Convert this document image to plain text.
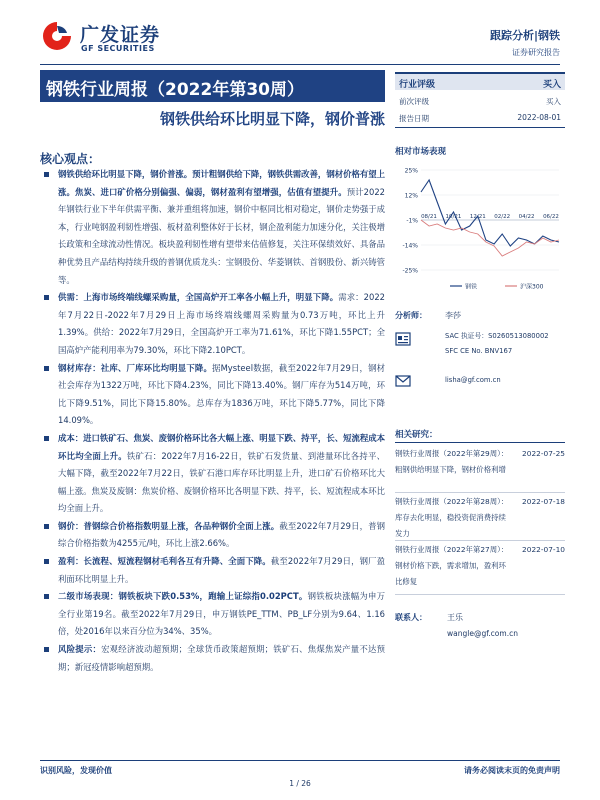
广发证券
GF SECURITIES
跟踪分析|钢铁
证券研究报告
钢铁行业周报（2022年第30周）
钢铁供给环比明显下降，钢价普涨
核心观点：
钢铁供给环比明显下降，钢价普涨。预计粗钢供给下降，钢铁供需改善，钢材价格有望上涨。焦炭、进口矿价格分别偏强、偏弱，钢材盈利有望增强，估值有望提升。预计2022年钢铁行业下半年供需平衡、兼并重组将加速，钢价中枢同比相对稳定，钢价走势强于成本，行业吨钢盈利韧性增强、板材盈利整体好于长材，钢企盈利能力加速分化，关注极增长政策和全球流动性情况。板块盈利韧性增有望带来估值修复，关注环保绩效好、具备品种优势且产品结构持续升级的普钢优质龙头：宝钢股份、华菱钢铁、首钢股份、新兴铸管等。
供需：上海市场终端线螺采购量，全国高炉开工率各小幅上升，明显下降。需求：2022年7月22日-2022年7月29日上海市场终端线螺周采购量为0.73万吨，环比上升1.39%。供给：2022年7月29日，全国高炉开工率为71.61%，环比下降1.55PCT；全国高炉产能利用率为79.30%，环比下降2.10PCT。
钢材库存：社库、厂库环比均明显下降。据Mysteel数据，截至2022年7月29日，钢材社会库存为1322万吨，环比下降4.23%，同比下降13.40%。钢厂库存为514万吨，环比下降9.51%，同比下降15.80%。总库存为1836万吨，环比下降5.77%，同比下降14.09%。
成本：进口铁矿石、焦炭、废钢价格环比各大幅上涨、明显下跌、持平，长、短流程成本环比均全面上升。铁矿石：2022年7月16-22日，铁矿石发货量、到港量环比各持平、大幅下降，截至2022年7月22日，铁矿石港口库存环比明显上升，进口矿石价格环比大幅上涨。焦炭及废钢：焦炭价格、废钢价格环比各明显下跌、持平，长、短流程成本环比均全面上升。
钢价：普钢综合价格指数明显上涨，各品种钢价全面上涨。截至2022年7月29日，普钢综合价格指数为4255元/吨，环比上涨2.66%。
盈利：长流程、短流程钢材毛利各互有升降、全面下降。截至2022年7月29日，钢厂盈利面环比明显上升。
二级市场表现：钢铁板块下跌0.53%，跑输上证综指0.02PCT。钢铁板块涨幅为申万全行业第19名。截至2022年7月29日，申万钢铁PE_TTM、PB_LF分别为9.64、1.16倍，处2016年以来百分位为34%、35%。
风险提示：宏观经济波动超预期；全球货币政策超预期；铁矿石、焦煤焦炭产量不达预期；新冠疫情影响超预期。
行业评级	买入
前次评级	买入
报告日期	2022-08-01
相对市场表现
25%
12%
-1%
-14%
-25%
08/21 10/21 12/21 02/22 04/22 06/22
钢铁	沪深300
分析师： 李莎
SAC 执证号：S0260513080002
SFC CE No. BNV167
lisha@gf.com.cn
相关研究：
钢铁行业周报（2022年第29周）：粗钢供给明显下降，钢材价格利增
2022-07-25
钢铁行业周报（2022年第28周）：库存去化明显，稳投资促消费持续发力
2022-07-18
钢铁行业周报（2022年第27周）：钢材价格下跌，需求增加，盈利环比修复
2022-07-10
联系人：	王乐
wangle@gf.com.cn
识别风险，发现价值	请务必阅读末页的免责声明
1 / 26
